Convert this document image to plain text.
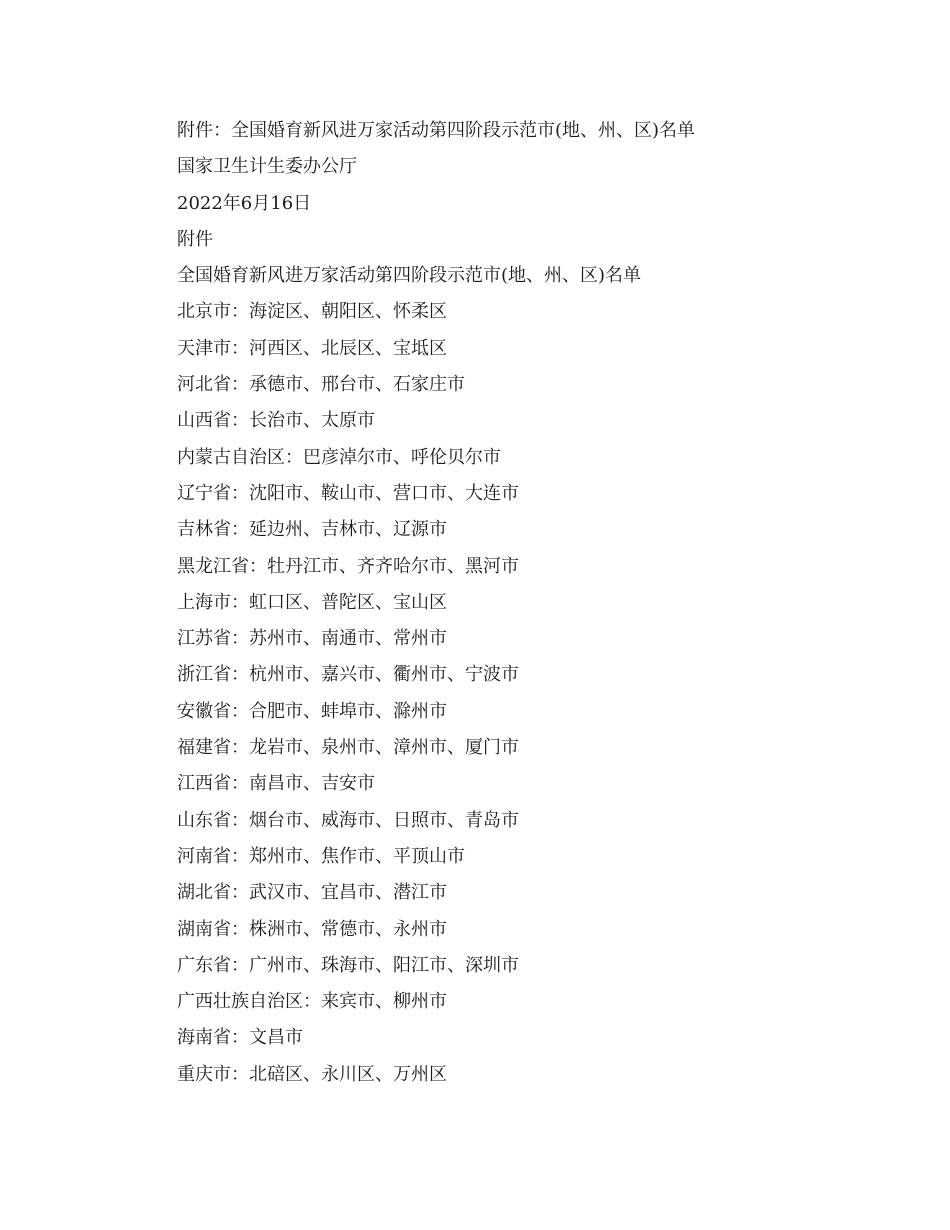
附件：全国婚育新风进万家活动第四阶段示范市(地、州、区)名单
国家卫生计生委办公厅
2022年6月16日
附件
全国婚育新风进万家活动第四阶段示范市(地、州、区)名单
北京市：海淀区、朝阳区、怀柔区
天津市：河西区、北辰区、宝坻区
河北省：承德市、邢台市、石家庄市
山西省：长治市、太原市
内蒙古自治区：巴彦淖尔市、呼伦贝尔市
辽宁省：沈阳市、鞍山市、营口市、大连市
吉林省：延边州、吉林市、辽源市
黑龙江省：牡丹江市、齐齐哈尔市、黑河市
上海市：虹口区、普陀区、宝山区
江苏省：苏州市、南通市、常州市
浙江省：杭州市、嘉兴市、衢州市、宁波市
安徽省：合肥市、蚌埠市、滁州市
福建省：龙岩市、泉州市、漳州市、厦门市
江西省：南昌市、吉安市
山东省：烟台市、威海市、日照市、青岛市
河南省：郑州市、焦作市、平顶山市
湖北省：武汉市、宜昌市、潜江市
湖南省：株洲市、常德市、永州市
广东省：广州市、珠海市、阳江市、深圳市
广西壮族自治区：来宾市、柳州市
海南省：文昌市
重庆市：北碚区、永川区、万州区
